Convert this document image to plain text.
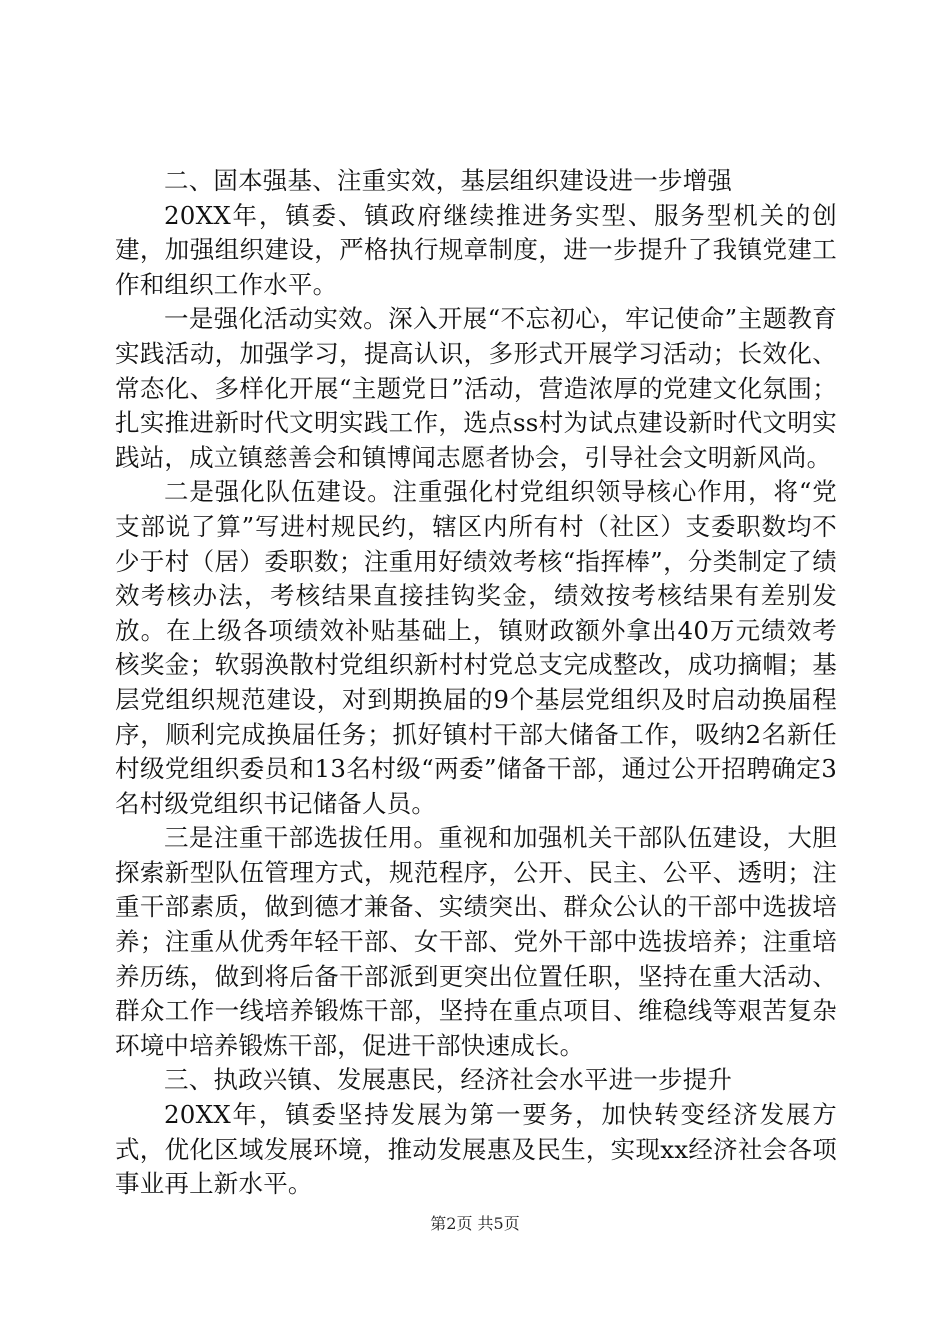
二、固本强基、注重实效，基层组织建设进一步增强

20XX年，镇委、镇政府继续推进务实型、服务型机关的创建，加强组织建设，严格执行规章制度，进一步提升了我镇党建工作和组织工作水平。

一是强化活动实效。深入开展“不忘初心，牢记使命”主题教育实践活动，加强学习，提高认识，多形式开展学习活动；长效化、常态化、多样化开展“主题党日”活动，营造浓厚的党建文化氛围；扎实推进新时代文明实践工作，选点ss村为试点建设新时代文明实践站，成立镇慈善会和镇博闻志愿者协会，引导社会文明新风尚。

二是强化队伍建设。注重强化村党组织领导核心作用，将“党支部说了算”写进村规民约，辖区内所有村（社区）支委职数均不少于村（居）委职数；注重用好绩效考核“指挥棒”，分类制定了绩效考核办法，考核结果直接挂钩奖金，绩效按考核结果有差别发放。在上级各项绩效补贴基础上，镇财政额外拿出40万元绩效考核奖金；软弱涣散村党组织新村村党总支完成整改，成功摘帽；基层党组织规范建设，对到期换届的9个基层党组织及时启动换届程序，顺利完成换届任务；抓好镇村干部大储备工作，吸纳2名新任村级党组织委员和13名村级“两委”储备干部，通过公开招聘确定3名村级党组织书记储备人员。

三是注重干部选拔任用。重视和加强机关干部队伍建设，大胆探索新型队伍管理方式，规范程序，公开、民主、公平、透明；注重干部素质，做到德才兼备、实绩突出、群众公认的干部中选拔培养；注重从优秀年轻干部、女干部、党外干部中选拔培养；注重培养历练，做到将后备干部派到更突出位置任职，坚持在重大活动、群众工作一线培养锻炼干部，坚持在重点项目、维稳线等艰苦复杂环境中培养锻炼干部，促进干部快速成长。

三、执政兴镇、发展惠民，经济社会水平进一步提升

20XX年，镇委坚持发展为第一要务，加快转变经济发展方式，优化区域发展环境，推动发展惠及民生，实现xx经济社会各项事业再上新水平。

第2页 共5页
